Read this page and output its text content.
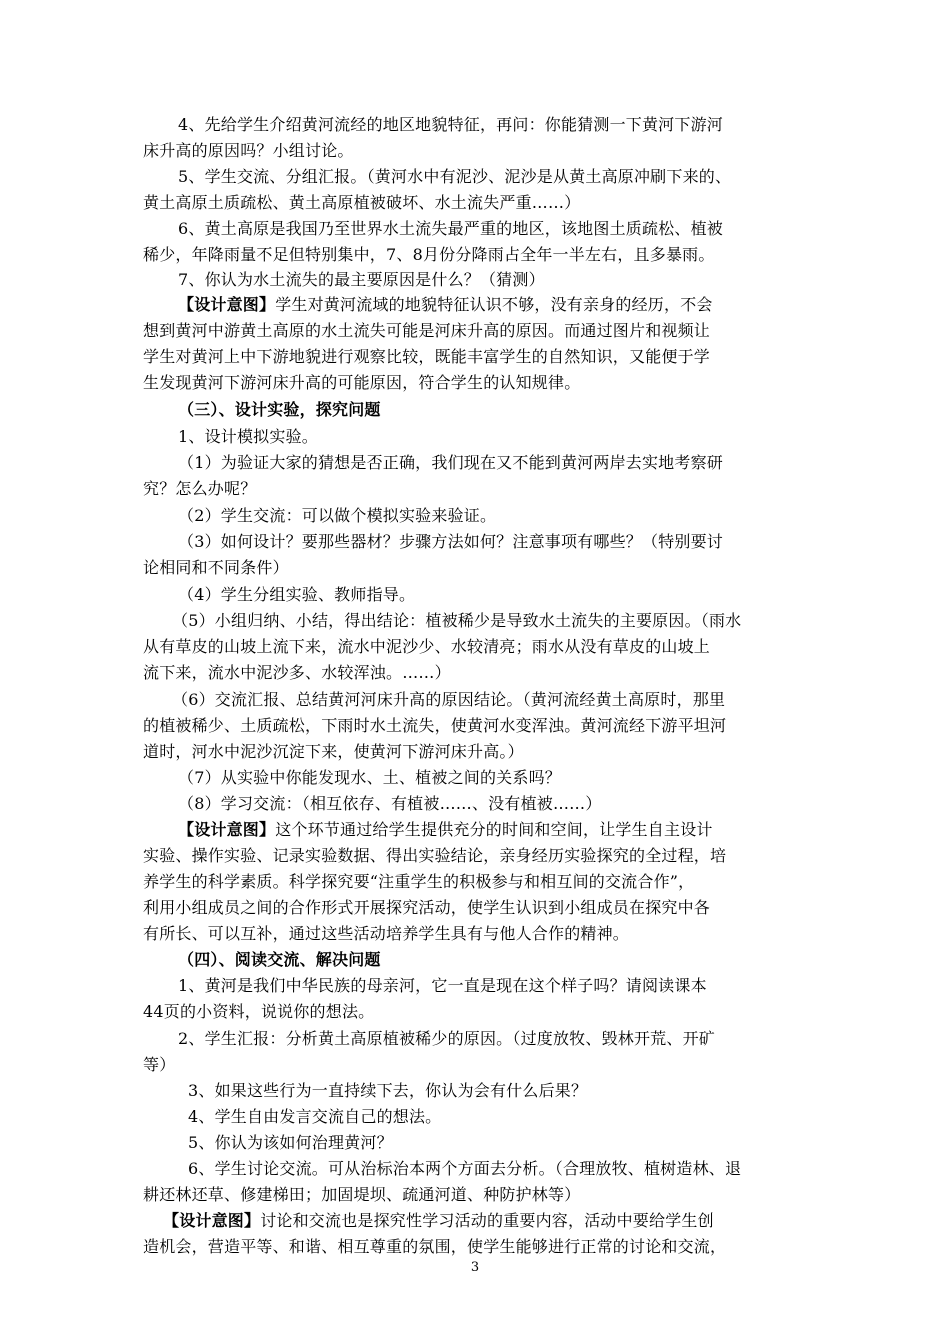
4、先给学生介绍黄河流经的地区地貌特征，再问：你能猜测一下黄河下游河
床升高的原因吗？小组讨论。
5、学生交流、分组汇报。（黄河水中有泥沙、泥沙是从黄土高原冲刷下来的、
黄土高原土质疏松、黄土高原植被破坏、水土流失严重……）
6、黄土高原是我国乃至世界水土流失最严重的地区，该地图土质疏松、植被
稀少，年降雨量不足但特别集中，7、8月份分降雨占全年一半左右，且多暴雨。
7、你认为水土流失的最主要原因是什么？（猜测）
【设计意图】学生对黄河流域的地貌特征认识不够，没有亲身的经历，不会
想到黄河中游黄土高原的水土流失可能是河床升高的原因。而通过图片和视频让
学生对黄河上中下游地貌进行观察比较，既能丰富学生的自然知识，又能便于学
生发现黄河下游河床升高的可能原因，符合学生的认知规律。
（三）、设计实验，探究问题
1、设计模拟实验。
（1）为验证大家的猜想是否正确，我们现在又不能到黄河两岸去实地考察研
究？怎么办呢？
（2）学生交流：可以做个模拟实验来验证。
（3）如何设计？要那些器材？步骤方法如何？注意事项有哪些？（特别要讨
论相同和不同条件）
（4）学生分组实验、教师指导。
（5）小组归纳、小结，得出结论：植被稀少是导致水土流失的主要原因。（雨水
从有草皮的山坡上流下来，流水中泥沙少、水较清亮；雨水从没有草皮的山坡上
流下来，流水中泥沙多、水较浑浊。……）
（6）交流汇报、总结黄河河床升高的原因结论。（黄河流经黄土高原时，那里
的植被稀少、土质疏松，下雨时水土流失，使黄河水变浑浊。黄河流经下游平坦河
道时，河水中泥沙沉淀下来，使黄河下游河床升高。）
（7）从实验中你能发现水、土、植被之间的关系吗？
（8）学习交流：（相互依存、有植被……、没有植被……）
【设计意图】这个环节通过给学生提供充分的时间和空间，让学生自主设计
实验、操作实验、记录实验数据、得出实验结论，亲身经历实验探究的全过程，培
养学生的科学素质。科学探究要“注重学生的积极参与和相互间的交流合作”，
利用小组成员之间的合作形式开展探究活动，使学生认识到小组成员在探究中各
有所长、可以互补，通过这些活动培养学生具有与他人合作的精神。
（四）、阅读交流、解决问题
1、黄河是我们中华民族的母亲河，它一直是现在这个样子吗？请阅读课本
44页的小资料，说说你的想法。
2、学生汇报：分析黄土高原植被稀少的原因。（过度放牧、毁林开荒、开矿
等）
3、如果这些行为一直持续下去，你认为会有什么后果？
4、学生自由发言交流自己的想法。
5、你认为该如何治理黄河？
6、学生讨论交流。可从治标治本两个方面去分析。（合理放牧、植树造林、退
耕还林还草、修建梯田；加固堤坝、疏通河道、种防护林等）
【设计意图】讨论和交流也是探究性学习活动的重要内容，活动中要给学生创
造机会，营造平等、和谐、相互尊重的氛围，使学生能够进行正常的讨论和交流，
3
